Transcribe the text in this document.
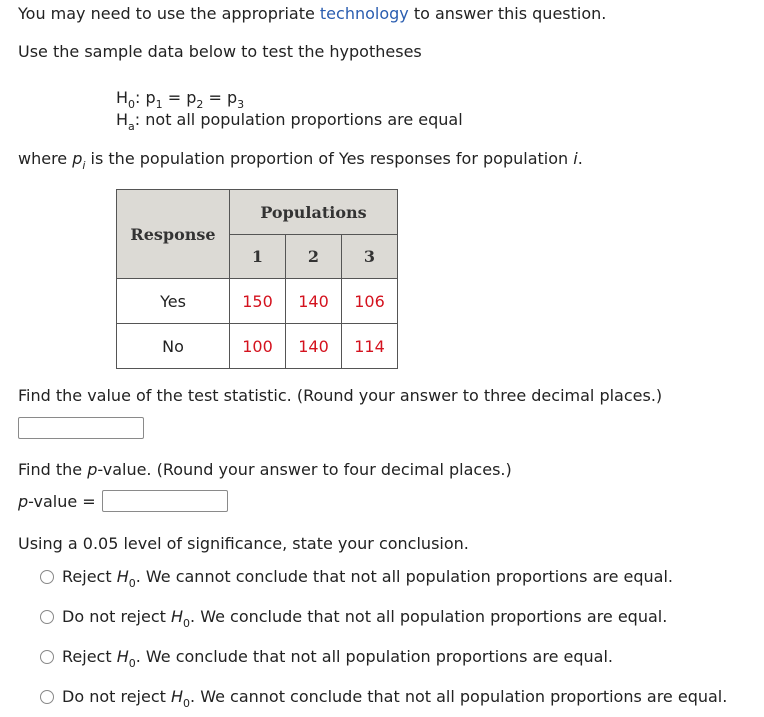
You may need to use the appropriate technology to answer this question.
Use the sample data below to test the hypotheses
$H_0$: $p_1 = p_2 = p_3$
$H_a$: not all population proportions are equal
where $p_i$ is the population proportion of Yes responses for population i.
Response	Populations		
	1	2	3
Yes	150	140	106
No	100	140	114
Find the value of the test statistic. (Round your answer to three decimal places.)
Find the p-value. (Round your answer to four decimal places.)
p-value =
Using a 0.05 level of significance, state your conclusion.
Reject $H_0$. We cannot conclude that not all population proportions are equal.
Do not reject $H_0$. We conclude that not all population proportions are equal.
Reject $H_0$. We conclude that not all population proportions are equal.
Do not reject $H_0$. We cannot conclude that not all population proportions are equal.
